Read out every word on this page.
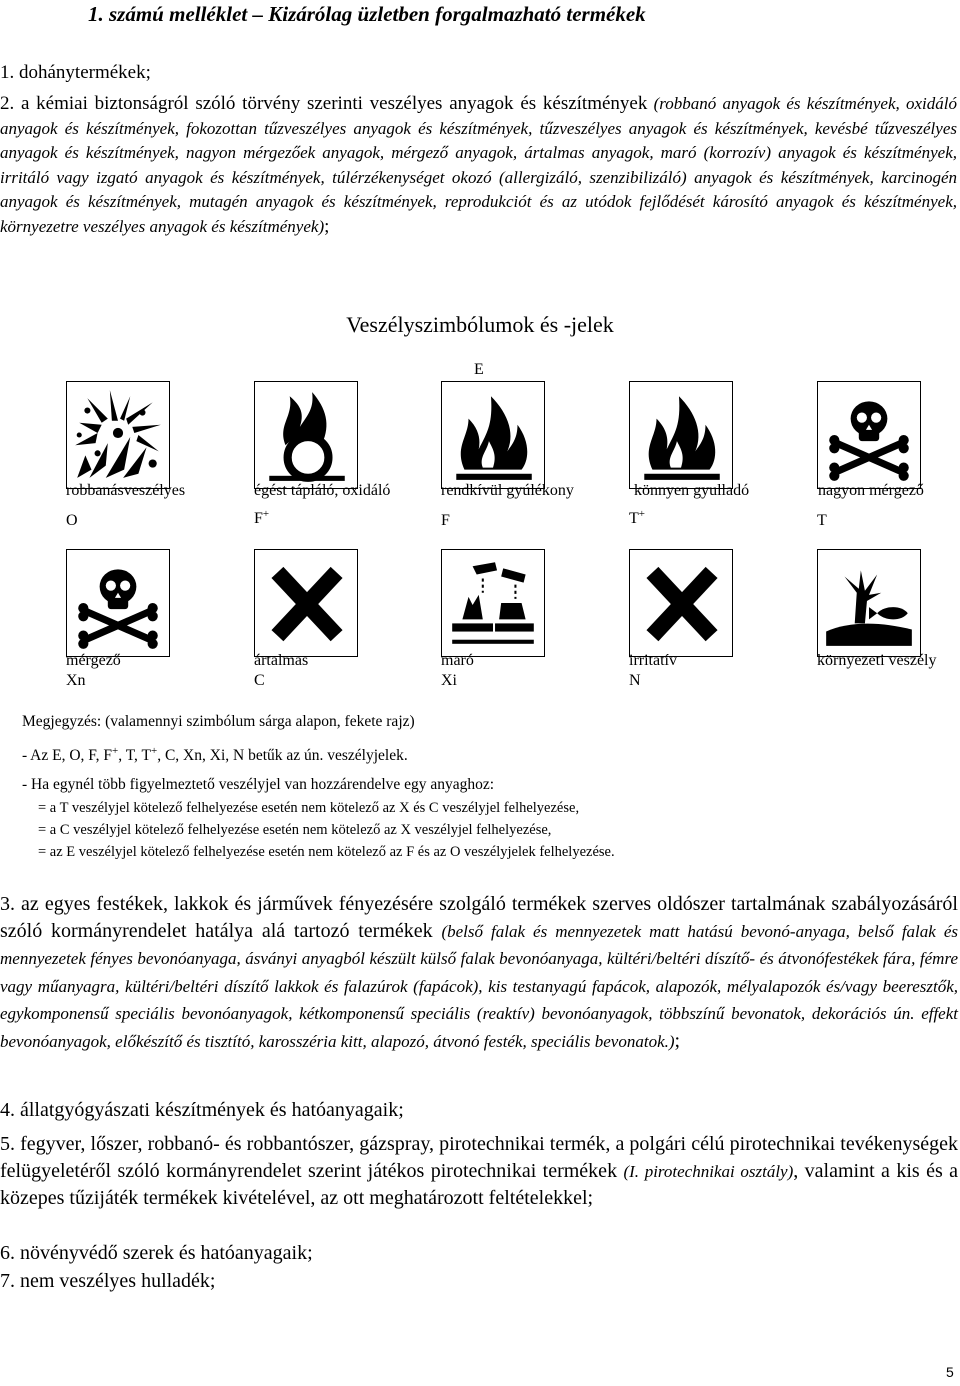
1. számú melléklet – Kizárólag üzletben forgalmazható termékek
1. dohánytermékek;
2. a kémiai biztonságról szóló törvény szerinti veszélyes anyagok és készítmények (robbanó anyagok és készítmények, oxidáló anyagok és készítmények, fokozottan tűzveszélyes anyagok és készítmények, tűzveszélyes anyagok és készítmények, kevésbé tűzveszélyes anyagok és készítmények, nagyon mérgezőek anyagok, mérgező anyagok, ártalmas anyagok, maró (korrozív) anyagok és készítmények, irritáló vagy izgató anyagok és készítmények, túlérzékenységet okozó (allergizáló, szenzibilizáló) anyagok és készítmények, karcinogén anyagok és készítmények, mutagén anyagok és készítmények, reprodukciót és az utódok fejlődését károsító anyagok és készítmények, környezetre veszélyes anyagok és készítmények);
Veszélyszimbólumok és -jelek
E
robbanásveszélyes	égést tápláló, oxidáló	rendkívül gyúlékony	könnyen gyulladó	nagyon mérgező
O	F+	F	T+	T
mérgező	ártalmas	maró	irritatív	környezeti veszély
Xn	C	Xi	N
Megjegyzés: (valamennyi szimbólum sárga alapon, fekete rajz)
- Az E, O, F, F+, T, T+, C, Xn, Xi, N betűk az ún. veszélyjelek.
- Ha egynél több figyelmeztető veszélyjel van hozzárendelve egy anyaghoz:
= a T veszélyjel kötelező felhelyezése esetén nem kötelező az X és C veszélyjel felhelyezése,
= a C veszélyjel kötelező felhelyezése esetén nem kötelező az X veszélyjel felhelyezése,
= az E veszélyjel kötelező felhelyezése esetén nem kötelező az F és az O veszélyjelek felhelyezése.
3. az egyes festékek, lakkok és járművek fényezésére szolgáló termékek szerves oldószer tartalmának szabályozásáról szóló kormányrendelet hatálya alá tartozó termékek (belső falak és mennyezetek matt hatású bevonó-anyaga, belső falak és mennyezetek fényes bevonóanyaga, ásványi anyagból készült külső falak bevonóanyaga, kültéri/beltéri díszítő- és átvonófestékek fára, fémre vagy műanyagra, kültéri/beltéri díszítő lakkok és falazúrok (fapácok), kis testanyagú fapácok, alapozók, mélyalapozók és/vagy beeresztők, egykomponensű speciális bevonóanyagok, kétkomponensű speciális (reaktív) bevonóanyagok, többszínű bevonatok, dekorációs ún. effekt bevonóanyagok, előkészítő és tisztító, karosszéria kitt, alapozó, átvonó festék, speciális bevonatok.);
4. állatgyógyászati készítmények és hatóanyagaik;
5. fegyver, lőszer, robbanó- és robbantószer, gázspray, pirotechnikai termék, a polgári célú pirotechnikai tevékenységek felügyeletéről szóló kormányrendelet szerint játékos pirotechnikai termékek (I. pirotechnikai osztály), valamint a kis és a közepes tűzijáték termékek kivételével, az ott meghatározott feltételekkel;
6. növényvédő szerek és hatóanyagaik;
7. nem veszélyes hulladék;
5
